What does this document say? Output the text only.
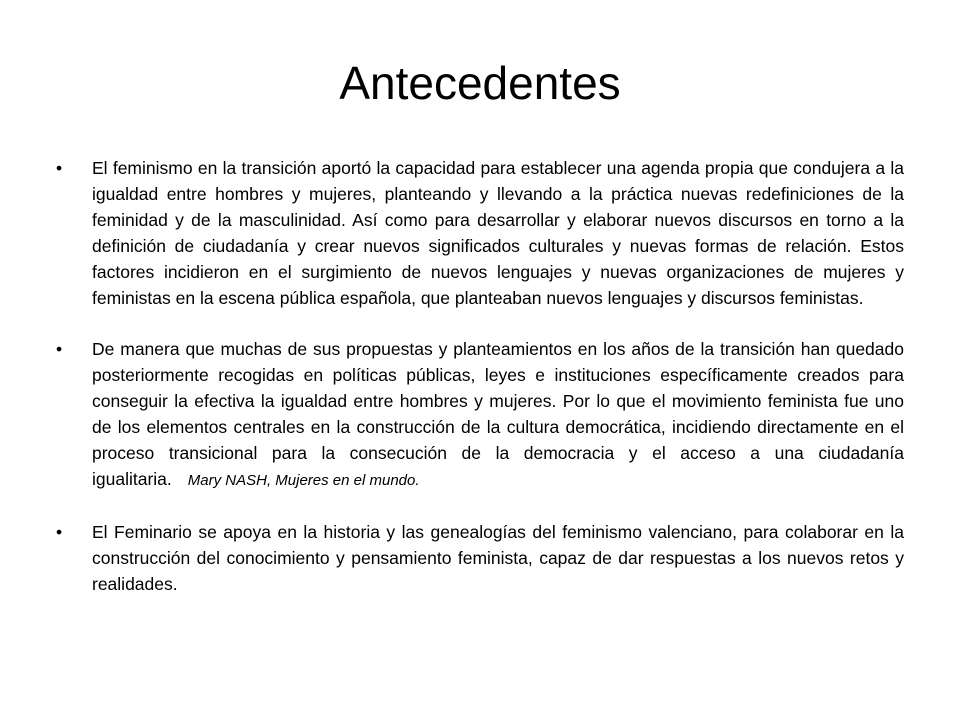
Antecedentes
•	El feminismo en la transición aportó la capacidad para establecer una agenda propia que condujera a la igualdad entre hombres y mujeres, planteando y llevando a la práctica nuevas redefiniciones de la feminidad y de la masculinidad. Así como para desarrollar y elaborar nuevos discursos en torno a la definición de ciudadanía y crear nuevos significados culturales y nuevas formas de relación. Estos factores incidieron en el surgimiento de nuevos lenguajes y nuevas organizaciones de mujeres y feministas en la escena pública española, que planteaban nuevos lenguajes y discursos feministas.
•	De manera que muchas de sus propuestas y planteamientos en los años de la transición han quedado posteriormente recogidas en políticas públicas, leyes e instituciones específicamente creados para conseguir la efectiva la igualdad entre hombres y mujeres. Por lo que el movimiento feminista fue uno de los elementos centrales en la construcción de la cultura democrática, incidiendo directamente en el proceso transicional para la consecución de la democracia y el acceso a una ciudadanía igualitaria. Mary NASH, Mujeres en el mundo.
•	El Feminario se apoya en la historia y las genealogías del feminismo valenciano, para colaborar en la construcción del conocimiento y pensamiento feminista, capaz de dar respuestas a los nuevos retos y realidades.
